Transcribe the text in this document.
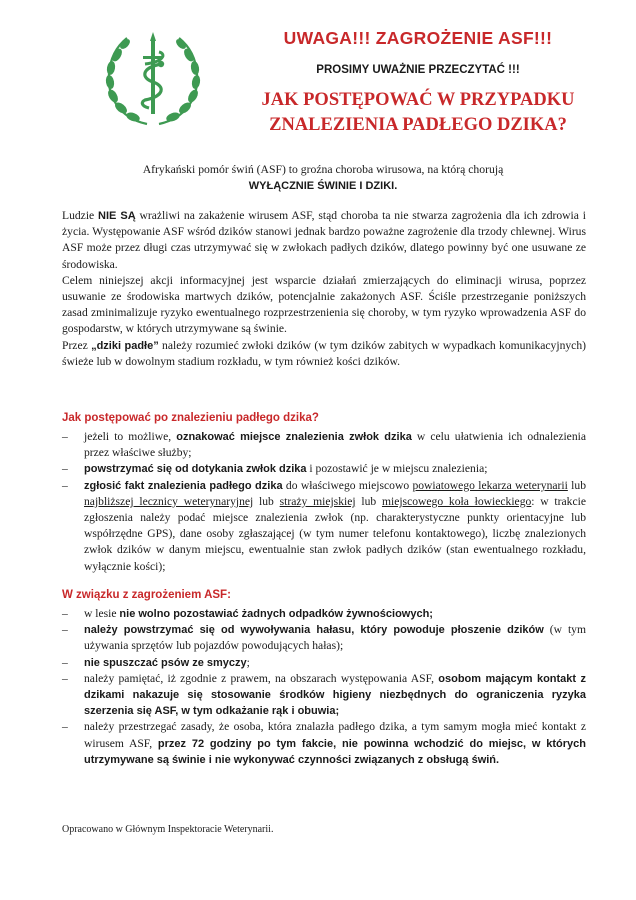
UWAGA!!! ZAGROŻENIE ASF!!!
PROSIMY UWAŻNIE PRZECZYTAĆ !!!
JAK POSTĘPOWAĆ W PRZYPADKU
ZNALEZIENIA PADŁEGO DZIKA?
Afrykański pomór świń (ASF) to groźna choroba wirusowa, na którą chorują
WYŁĄCZNIE ŚWINIE I DZIKI.

Ludzie NIE SĄ wrażliwi na zakażenie wirusem ASF, stąd choroba ta nie stwarza zagrożenia dla ich zdrowia i życia. Występowanie ASF wśród dzików stanowi jednak bardzo poważne zagrożenie dla trzody chlewnej. Wirus ASF może przez długi czas utrzymywać się w zwłokach padłych dzików, dlatego powinny być one usuwane ze środowiska.

Celem niniejszej akcji informacyjnej jest wsparcie działań zmierzających do eliminacji wirusa, poprzez usuwanie ze środowiska martwych dzików, potencjalnie zakażonych ASF. Ściśle przestrzeganie poniższych zasad zminimalizuje ryzyko ewentualnego rozprzestrzenienia się choroby, w tym ryzyko wprowadzenia ASF do gospodarstw, w których utrzymywane są świnie.

Przez „dziki padłe” należy rozumieć zwłoki dzików (w tym dzików zabitych w wypadkach komunikacyjnych) świeże lub w dowolnym stadium rozkładu, w tym również kości dzików.

Jak postępować po znalezieniu padłego dzika?
– jeżeli to możliwe, oznakować miejsce znalezienia zwłok dzika w celu ułatwienia ich odnalezienia przez właściwe służby;
– powstrzymać się od dotykania zwłok dzika i pozostawić je w miejscu znalezienia;
– zgłosić fakt znalezienia padłego dzika do właściwego miejscowo powiatowego lekarza weterynarii lub najbliższej lecznicy weterynaryjnej lub straży miejskiej lub miejscowego koła łowieckiego: w trakcie zgłoszenia należy podać miejsce znalezienia zwłok (np. charakterystyczne punkty orientacyjne lub współrzędne GPS), dane osoby zgłaszającej (w tym numer telefonu kontaktowego), liczbę znalezionych zwłok dzików w danym miejscu, ewentualnie stan zwłok padłych dzików (stan ewentualnego rozkładu, wyłącznie kości);
W związku z zagrożeniem ASF:
– w lesie nie wolno pozostawiać żadnych odpadków żywnościowych;
– należy powstrzymać się od wywoływania hałasu, który powoduje płoszenie dzików (w tym używania sprzętów lub pojazdów powodujących hałas);
– nie spuszczać psów ze smyczy;
– należy pamiętać, iż zgodnie z prawem, na obszarach występowania ASF, osobom mającym kontakt z dzikami nakazuje się stosowanie środków higieny niezbędnych do ograniczenia ryzyka szerzenia się ASF, w tym odkażanie rąk i obuwia;
– należy przestrzegać zasady, że osoba, która znalazła padłego dzika, a tym samym mogła mieć kontakt z wirusem ASF, przez 72 godziny po tym fakcie, nie powinna wchodzić do miejsc, w których utrzymywane są świnie i nie wykonywać czynności związanych z obsługą świń.
Opracowano w Głównym Inspektoracie Weterynarii.
